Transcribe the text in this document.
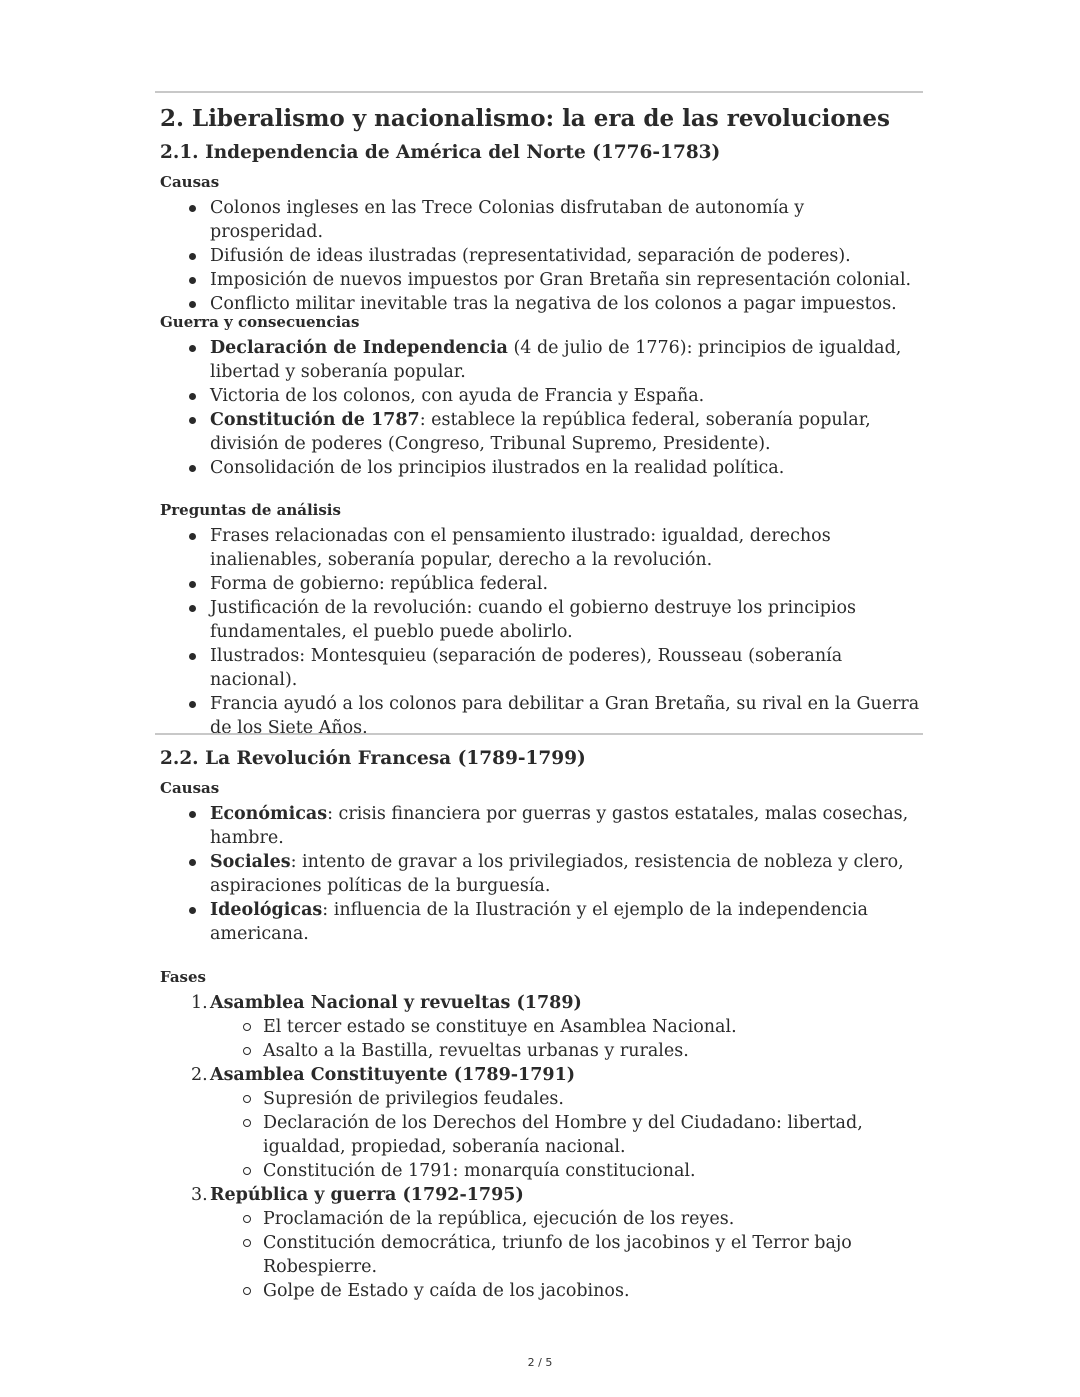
2. Liberalismo y nacionalismo: la era de las revoluciones
2.1. Independencia de América del Norte (1776-1783)
Causas
Colonos ingleses en las Trece Colonias disfrutaban de autonomía y prosperidad.
Difusión de ideas ilustradas (representatividad, separación de poderes).
Imposición de nuevos impuestos por Gran Bretaña sin representación colonial.
Conflicto militar inevitable tras la negativa de los colonos a pagar impuestos.
Guerra y consecuencias
Declaración de Independencia (4 de julio de 1776): principios de igualdad, libertad y soberanía popular.
Victoria de los colonos, con ayuda de Francia y España.
Constitución de 1787: establece la república federal, soberanía popular, división de poderes (Congreso, Tribunal Supremo, Presidente).
Consolidación de los principios ilustrados en la realidad política.
Preguntas de análisis
Frases relacionadas con el pensamiento ilustrado: igualdad, derechos inalienables, soberanía popular, derecho a la revolución.
Forma de gobierno: república federal.
Justificación de la revolución: cuando el gobierno destruye los principios fundamentales, el pueblo puede abolirlo.
Ilustrados: Montesquieu (separación de poderes), Rousseau (soberanía nacional).
Francia ayudó a los colonos para debilitar a Gran Bretaña, su rival en la Guerra de los Siete Años.
2.2. La Revolución Francesa (1789-1799)
Causas
Económicas: crisis financiera por guerras y gastos estatales, malas cosechas, hambre.
Sociales: intento de gravar a los privilegiados, resistencia de nobleza y clero, aspiraciones políticas de la burguesía.
Ideológicas: influencia de la Ilustración y el ejemplo de la independencia americana.
Fases
1. Asamblea Nacional y revueltas (1789)
El tercer estado se constituye en Asamblea Nacional.
Asalto a la Bastilla, revueltas urbanas y rurales.
2. Asamblea Constituyente (1789-1791)
Supresión de privilegios feudales.
Declaración de los Derechos del Hombre y del Ciudadano: libertad, igualdad, propiedad, soberanía nacional.
Constitución de 1791: monarquía constitucional.
3. República y guerra (1792-1795)
Proclamación de la república, ejecución de los reyes.
Constitución democrática, triunfo de los jacobinos y el Terror bajo Robespierre.
Golpe de Estado y caída de los jacobinos.
2 / 5
